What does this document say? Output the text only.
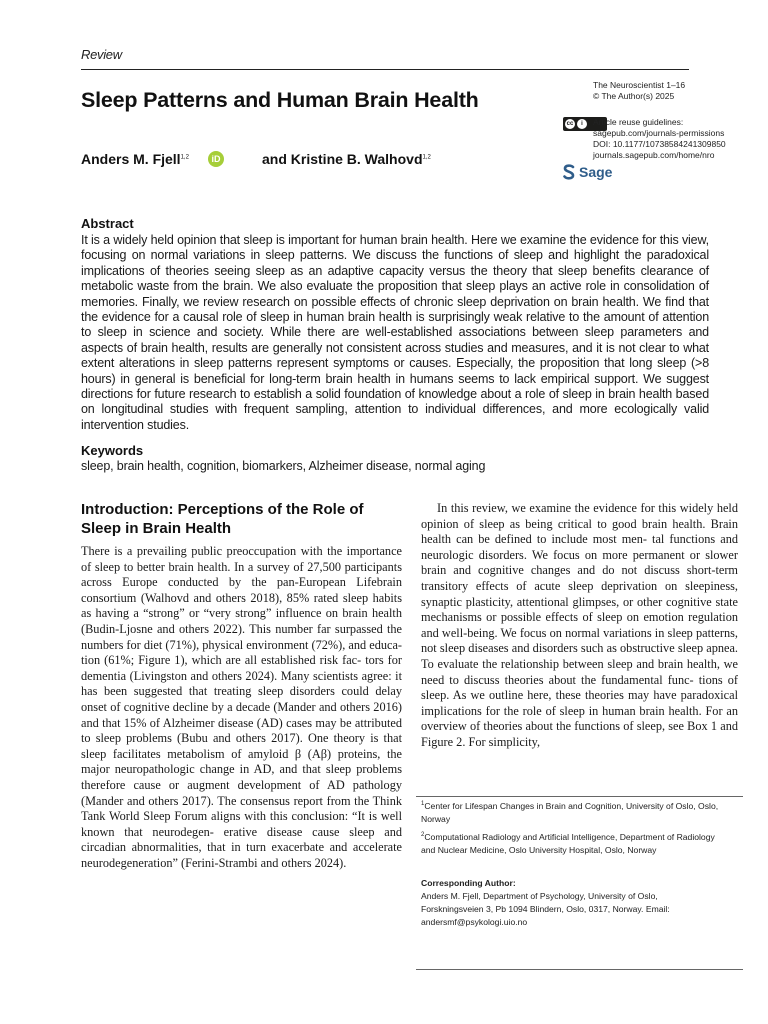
Review
Sleep Patterns and Human Brain Health
Anders M. Fjell$^{1,2}$	iD	and Kristine B. Walhovd$^{1,2}$
The Neuroscientist 1–16
© The Author(s) 2025
cc	i	Article reuse guidelines:
sagepub.com/journals-permissions
DOI: 10.1177/10738584241309850
journals.sagepub.com/home/nro
Sage
Abstract
It is a widely held opinion that sleep is important for human brain health. Here we examine the evidence for this view, focusing on normal variations in sleep patterns. We discuss the functions of sleep and highlight the paradoxical implications of theories seeing sleep as an adaptive capacity versus the theory that sleep benefits clearance of metabolic waste from the brain. We also evaluate the proposition that sleep plays an active role in consolidation of memories. Finally, we review research on possible effects of chronic sleep deprivation on brain health. We find that the evidence for a causal role of sleep in human brain health is surprisingly weak relative to the amount of attention to sleep in science and society. While there are well-established associations between sleep parameters and aspects of brain health, results are generally not consistent across studies and measures, and it is not clear to what extent alterations in sleep patterns represent symptoms or causes. Especially, the proposition that long sleep (>8 hours) in general is beneficial for long-term brain health in humans seems to lack empirical support. We suggest directions for future research to establish a solid foundation of knowledge about a role of sleep in brain health based on longitudinal studies with frequent sampling, attention to individual differences, and more ecologically valid intervention studies.
Keywords
sleep, brain health, cognition, biomarkers, Alzheimer disease, normal aging
Introduction: Perceptions of the Role of Sleep in Brain Health
There is a prevailing public preoccupation with the importance of sleep to better brain health. In a survey of 27,500 participants across Europe conducted by the pan-European Lifebrain consortium (Walhovd and others 2018), 85% rated sleep habits as having a “strong” or “very strong” influence on brain health (Budin-Ljosne and others 2022). This number far surpassed the numbers for diet (71%), physical environment (72%), and educa- tion (61%; Figure 1), which are all established risk fac- tors for dementia (Livingston and others 2024). Many scientists agree: it has been suggested that treating sleep disorders could delay onset of cognitive decline by a decade (Mander and others 2016) and that 15% of Alzheimer disease (AD) cases may be attributed to sleep problems (Bubu and others 2017). One theory is that sleep facilitates metabolism of amyloid β (Aβ) proteins, the major neuropathologic change in AD, and that sleep problems therefore cause or augment development of AD pathology (Mander and others 2017). The consensus report from the Think Tank World Sleep Forum aligns with this conclusion: “It is well known that neurodegen- erative disease cause sleep and circadian abnormalities, that in turn exacerbate and accelerate neurodegeneration” (Ferini-Strambi and others 2024).
In this review, we examine the evidence for this widely held opinion of sleep as being critical to good brain health. Brain health can be defined to include most men- tal functions and neurologic disorders. We focus on more permanent or slower brain and cognitive changes and do not discuss short-term transitory effects of acute sleep deprivation on sleepiness, synaptic plasticity, attentional glimpses, or other cognitive state mechanisms or possible effects of sleep on emotion regulation and well-being. We focus on normal variations in sleep patterns, not sleep diseases and disorders such as obstructive sleep apnea. To evaluate the relationship between sleep and brain health, we need to discuss theories about the fundamental func- tions of sleep. As we outline here, these theories may have paradoxical implications for the role of sleep in human brain health. For an overview of theories about the functions of sleep, see Box 1 and Figure 2. For simplicity,
$^1$Center for Lifespan Changes in Brain and Cognition, University of Oslo, Oslo, Norway
$^2$Computational Radiology and Artificial Intelligence, Department of Radiology and Nuclear Medicine, Oslo University Hospital, Oslo, Norway
Corresponding Author:
Anders M. Fjell, Department of Psychology, University of Oslo, Forskningsveien 3, Pb 1094 Blindern, Oslo, 0317, Norway. Email: andersmf@psykologi.uio.no
